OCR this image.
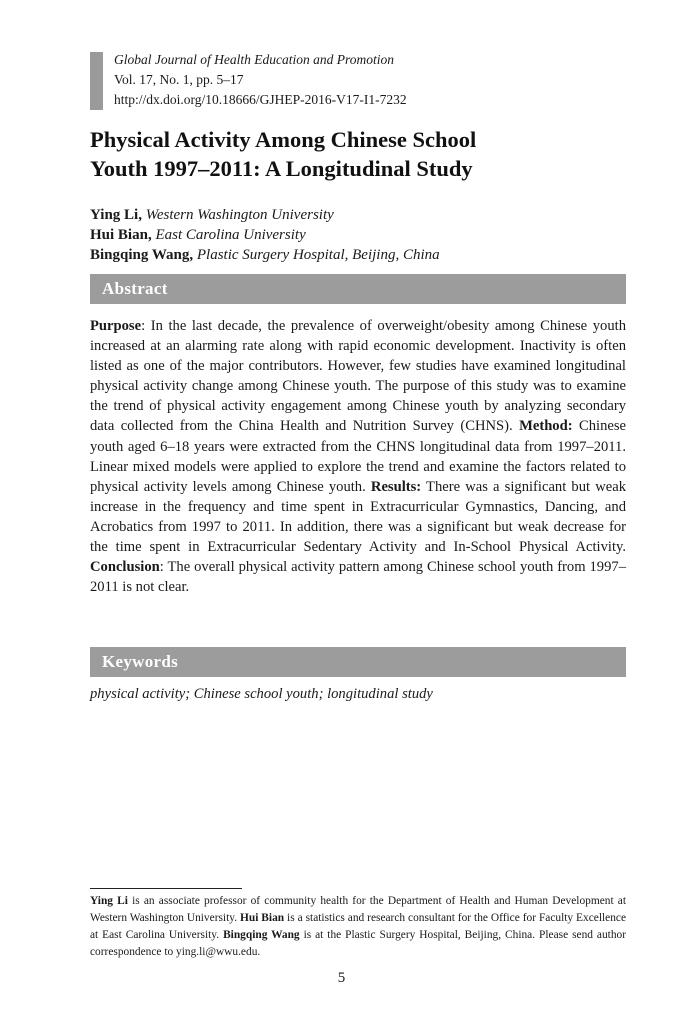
Global Journal of Health Education and Promotion
Vol. 17, No. 1, pp. 5–17
http://dx.doi.org/10.18666/GJHEP-2016-V17-I1-7232
Physical Activity Among Chinese School
Youth 1997–2011: A Longitudinal Study
Ying Li, Western Washington University
Hui Bian, East Carolina University
Bingqing Wang, Plastic Surgery Hospital, Beijing, China
Abstract

Purpose: In the last decade, the prevalence of overweight/obesity among Chinese youth increased at an alarming rate along with rapid economic development. Inactivity is often listed as one of the major contributors. However, few studies have examined longitudinal physical activity change among Chinese youth. The purpose of this study was to examine the trend of physical activity engagement among Chinese youth by analyzing secondary data collected from the China Health and Nutrition Survey (CHNS). Method: Chinese youth aged 6–18 years were extracted from the CHNS longitudinal data from 1997–2011. Linear mixed models were applied to explore the trend and examine the factors related to physical activity levels among Chinese youth. Results: There was a significant but weak increase in the frequency and time spent in Extracurricular Gymnastics, Dancing, and Acrobatics from 1997 to 2011. In addition, there was a significant but weak decrease for the time spent in Extracurricular Sedentary Activity and In-School Physical Activity. Conclusion: The overall physical activity pattern among Chinese school youth from 1997–2011 is not clear.

Keywords
physical activity; Chinese school youth; longitudinal study

Ying Li is an associate professor of community health for the Department of Health and Human Development at Western Washington University. Hui Bian is a statistics and research consultant for the Office for Faculty Excellence at East Carolina University. Bingqing Wang is at the Plastic Surgery Hospital, Beijing, China. Please send author correspondence to ying.li@wwu.edu.

5
